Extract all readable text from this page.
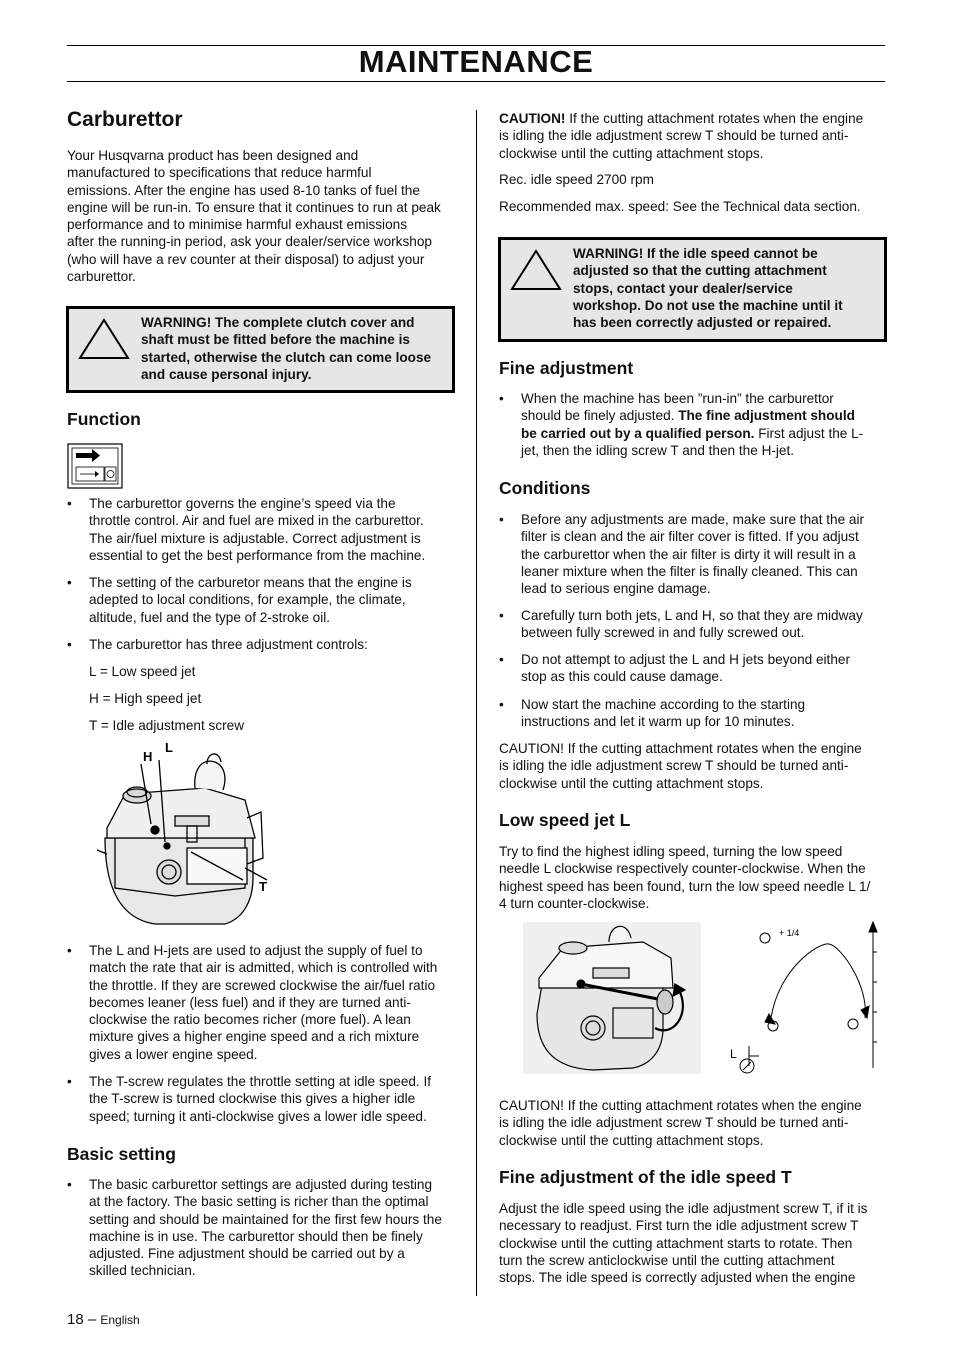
MAINTENANCE
Carburettor

Your Husqvarna product has been designed and
manufactured to specifications that reduce harmful
emissions. After the engine has used 8-10 tanks of fuel the
engine will be run-in. To ensure that it continues to run at peak
performance and to minimise harmful exhaust emissions
after the running-in period, ask your dealer/service workshop
(who will have a rev counter at their disposal) to adjust your
carburettor.

WARNING! The complete clutch cover and
shaft must be fitted before the machine is
started, otherwise the clutch can come loose
and cause personal injury.
Function
• The carburettor governs the engine’s speed via the
throttle control. Air and fuel are mixed in the carburettor.
The air/fuel mixture is adjustable. Correct adjustment is
essential to get the best performance from the machine.
• The setting of the carburetor means that the engine is
adepted to local conditions, for example, the climate,
altitude, fuel and the type of 2-stroke oil.
• The carburettor has three adjustment controls:

L = Low speed jet

H = High speed jet

T = Idle adjustment screw

H
L
T
• The L and H-jets are used to adjust the supply of fuel to
match the rate that air is admitted, which is controlled with
the throttle. If they are screwed clockwise the air/fuel ratio
becomes leaner (less fuel) and if they are turned anti-
clockwise the ratio becomes richer (more fuel). A lean
mixture gives a higher engine speed and a rich mixture
gives a lower engine speed.
• The T-screw regulates the throttle setting at idle speed. If
the T-screw is turned clockwise this gives a higher idle
speed; turning it anti-clockwise gives a lower idle speed.
Basic setting
• The basic carburettor settings are adjusted during testing
at the factory. The basic setting is richer than the optimal
setting and should be maintained for the first few hours the
machine is in use. The carburettor should then be finely
adjusted. Fine adjustment should be carried out by a
skilled technician.

CAUTION! If the cutting attachment rotates when the engine
is idling the idle adjustment screw T should be turned anti-
clockwise until the cutting attachment stops.

Rec. idle speed 2700 rpm

Recommended max. speed: See the Technical data section.

WARNING! If the idle speed cannot be
adjusted so that the cutting attachment
stops, contact your dealer/service
workshop. Do not use the machine until it
has been correctly adjusted or repaired.
Fine adjustment
• When the machine has been ”run-in” the carburettor
should be finely adjusted. The fine adjustment should
be carried out by a qualified person. First adjust the L-
jet, then the idling screw T and then the H-jet.
Conditions
• Before any adjustments are made, make sure that the air
filter is clean and the air filter cover is fitted. If you adjust
the carburettor when the air filter is dirty it will result in a
leaner mixture when the filter is finally cleaned. This can
lead to serious engine damage.
• Carefully turn both jets, L and H, so that they are midway
between fully screwed in and fully screwed out.
• Do not attempt to adjust the L and H jets beyond either
stop as this could cause damage.
• Now start the machine according to the starting
instructions and let it warm up for 10 minutes.

CAUTION! If the cutting attachment rotates when the engine
is idling the idle adjustment screw T should be turned anti-
clockwise until the cutting attachment stops.

Low speed jet L

Try to find the highest idling speed, turning the low speed
needle L clockwise respectively counter-clockwise. When the
highest speed has been found, turn the low speed needle L 1/
4 turn counter-clockwise.

+ 1/4
L

CAUTION! If the cutting attachment rotates when the engine
is idling the idle adjustment screw T should be turned anti-
clockwise until the cutting attachment stops.

Fine adjustment of the idle speed T

Adjust the idle speed using the idle adjustment screw T, if it is
necessary to readjust. First turn the idle adjustment screw T
clockwise until the cutting attachment starts to rotate. Then
turn the screw anticlockwise until the cutting attachment
stops. The idle speed is correctly adjusted when the engine

18 – English
